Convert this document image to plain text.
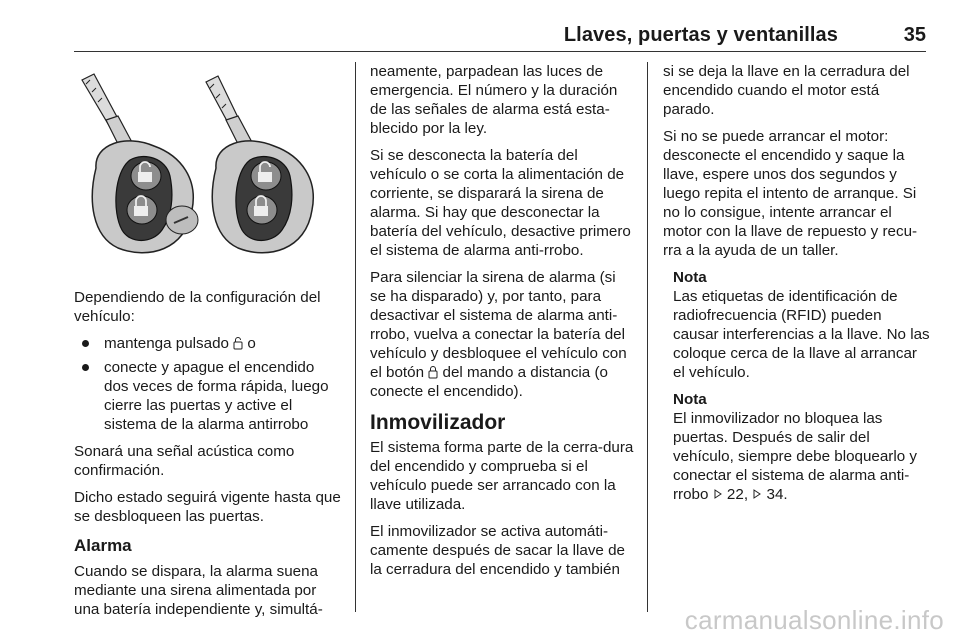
Llaves, puertas y ventanillas	35

Dependiendo de la configuración del vehículo:

mantenga pulsado  o
conecte y apague el encendido dos veces de forma rápida, luego cierre las puertas y active el sistema de la alarma antirrobo

Sonará una señal acústica como confirmación.

Dicho estado seguirá vigente hasta que se desbloqueen las puertas.

Alarma

Cuando se dispara, la alarma suena mediante una sirena alimentada por una batería independiente y, simultá-

neamente, parpadean las luces de emergencia. El número y la duración de las señales de alarma está esta-blecido por la ley.

Si se desconecta la batería del vehículo o se corta la alimentación de corriente, se disparará la sirena de alarma. Si hay que desconectar la batería del vehículo, desactive primero el sistema de alarma anti-rrobo.

Para silenciar la sirena de alarma (si se ha disparado) y, por tanto, para desactivar el sistema de alarma anti-rrobo, vuelva a conectar la batería del vehículo y desbloquee el vehículo con el botón  del mando a distancia (o conecte el encendido).

Inmovilizador

El sistema forma parte de la cerra-dura del encendido y comprueba si el vehículo puede ser arrancado con la llave utilizada.

El inmovilizador se activa automáti-camente después de sacar la llave de la cerradura del encendido y también

si se deja la llave en la cerradura del encendido cuando el motor está parado.

Si no se puede arrancar el motor: desconecte el encendido y saque la llave, espere unos dos segundos y luego repita el intento de arranque. Si no lo consigue, intente arrancar el motor con la llave de repuesto y recu-rra a la ayuda de un taller.

Nota
Las etiquetas de identificación de radiofrecuencia (RFID) pueden causar interferencias a la llave. No las coloque cerca de la llave al arrancar el vehículo.
Nota
El inmovilizador no bloquea las puertas. Después de salir del vehículo, siempre debe bloquearlo y conectar el sistema de alarma anti-rrobo  22,  34.
carmanualsonline.info
